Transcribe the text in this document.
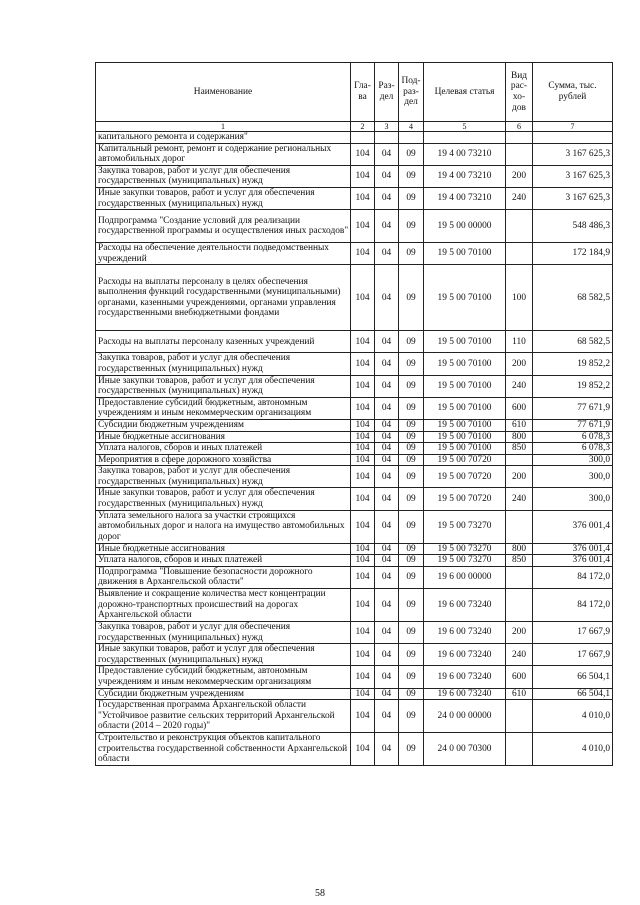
Наименование	Гла-ва	Раз-дел	Под-раз-дел	Целевая статья	Вид рас-хо-дов	Сумма, тыс. рублей
1	2	3	4	5	6	7
капитального ремонта и содержания"						
Капитальный ремонт, ремонт и содержание региональных автомобильных дорог	104	04	09	19 4 00 73210		3 167 625,3
Закупка товаров, работ и услуг для обеспечения государственных (муниципальных) нужд	104	04	09	19 4 00 73210	200	3 167 625,3
Иные закупки товаров, работ и услуг для обеспечения государственных (муниципальных) нужд	104	04	09	19 4 00 73210	240	3 167 625,3
Подпрограмма "Создание условий для реализации государственной программы и осуществления иных расходов"	104	04	09	19 5 00 00000		548 486,3
Расходы на обеспечение деятельности подведомственных учреждений	104	04	09	19 5 00 70100		172 184,9
Расходы на выплаты персоналу в целях обеспечения выполнения функций государственными (муниципальными) органами, казенными учреждениями, органами управления государственными внебюджетными фондами	104	04	09	19 5 00 70100	100	68 582,5
Расходы на выплаты персоналу казенных учреждений	104	04	09	19 5 00 70100	110	68 582,5
Закупка товаров, работ и услуг для обеспечения государственных (муниципальных) нужд	104	04	09	19 5 00 70100	200	19 852,2
Иные закупки товаров, работ и услуг для обеспечения государственных (муниципальных) нужд	104	04	09	19 5 00 70100	240	19 852,2
Предоставление субсидий бюджетным, автономным учреждениям и иным некоммерческим организациям	104	04	09	19 5 00 70100	600	77 671,9
Субсидии бюджетным учреждениям	104	04	09	19 5 00 70100	610	77 671,9
Иные бюджетные ассигнования	104	04	09	19 5 00 70100	800	6 078,3
Уплата налогов, сборов и иных платежей	104	04	09	19 5 00 70100	850	6 078,3
Мероприятия в сфере дорожного хозяйства	104	04	09	19 5 00 70720		300,0
Закупка товаров, работ и услуг для обеспечения государственных (муниципальных) нужд	104	04	09	19 5 00 70720	200	300,0
Иные закупки товаров, работ и услуг для обеспечения государственных (муниципальных) нужд	104	04	09	19 5 00 70720	240	300,0
Уплата земельного налога за участки строящихся автомобильных дорог и налога на имущество автомобильных дорог	104	04	09	19 5 00 73270		376 001,4
Иные бюджетные ассигнования	104	04	09	19 5 00 73270	800	376 001,4
Уплата налогов, сборов и иных платежей	104	04	09	19 5 00 73270	850	376 001,4
Подпрограмма "Повышение безопасности дорожного движения в Архангельской области"	104	04	09	19 6 00 00000		84 172,0
Выявление и сокращение количества мест концентрации дорожно-транспортных происшествий на дорогах Архангельской области	104	04	09	19 6 00 73240		84 172,0
Закупка товаров, работ и услуг для обеспечения государственных (муниципальных) нужд	104	04	09	19 6 00 73240	200	17 667,9
Иные закупки товаров, работ и услуг для обеспечения государственных (муниципальных) нужд	104	04	09	19 6 00 73240	240	17 667,9
Предоставление субсидий бюджетным, автономным учреждениям и иным некоммерческим организациям	104	04	09	19 6 00 73240	600	66 504,1
Субсидии бюджетным учреждениям	104	04	09	19 6 00 73240	610	66 504,1
Государственная программа Архангельской области "Устойчивое развитие сельских территорий Архангельской области (2014 – 2020 годы)"	104	04	09	24 0 00 00000		4 010,0
Строительство и реконструкция объектов капитального строительства государственной собственности Архангельской области	104	04	09	24 0 00 70300		4 010,0
58
